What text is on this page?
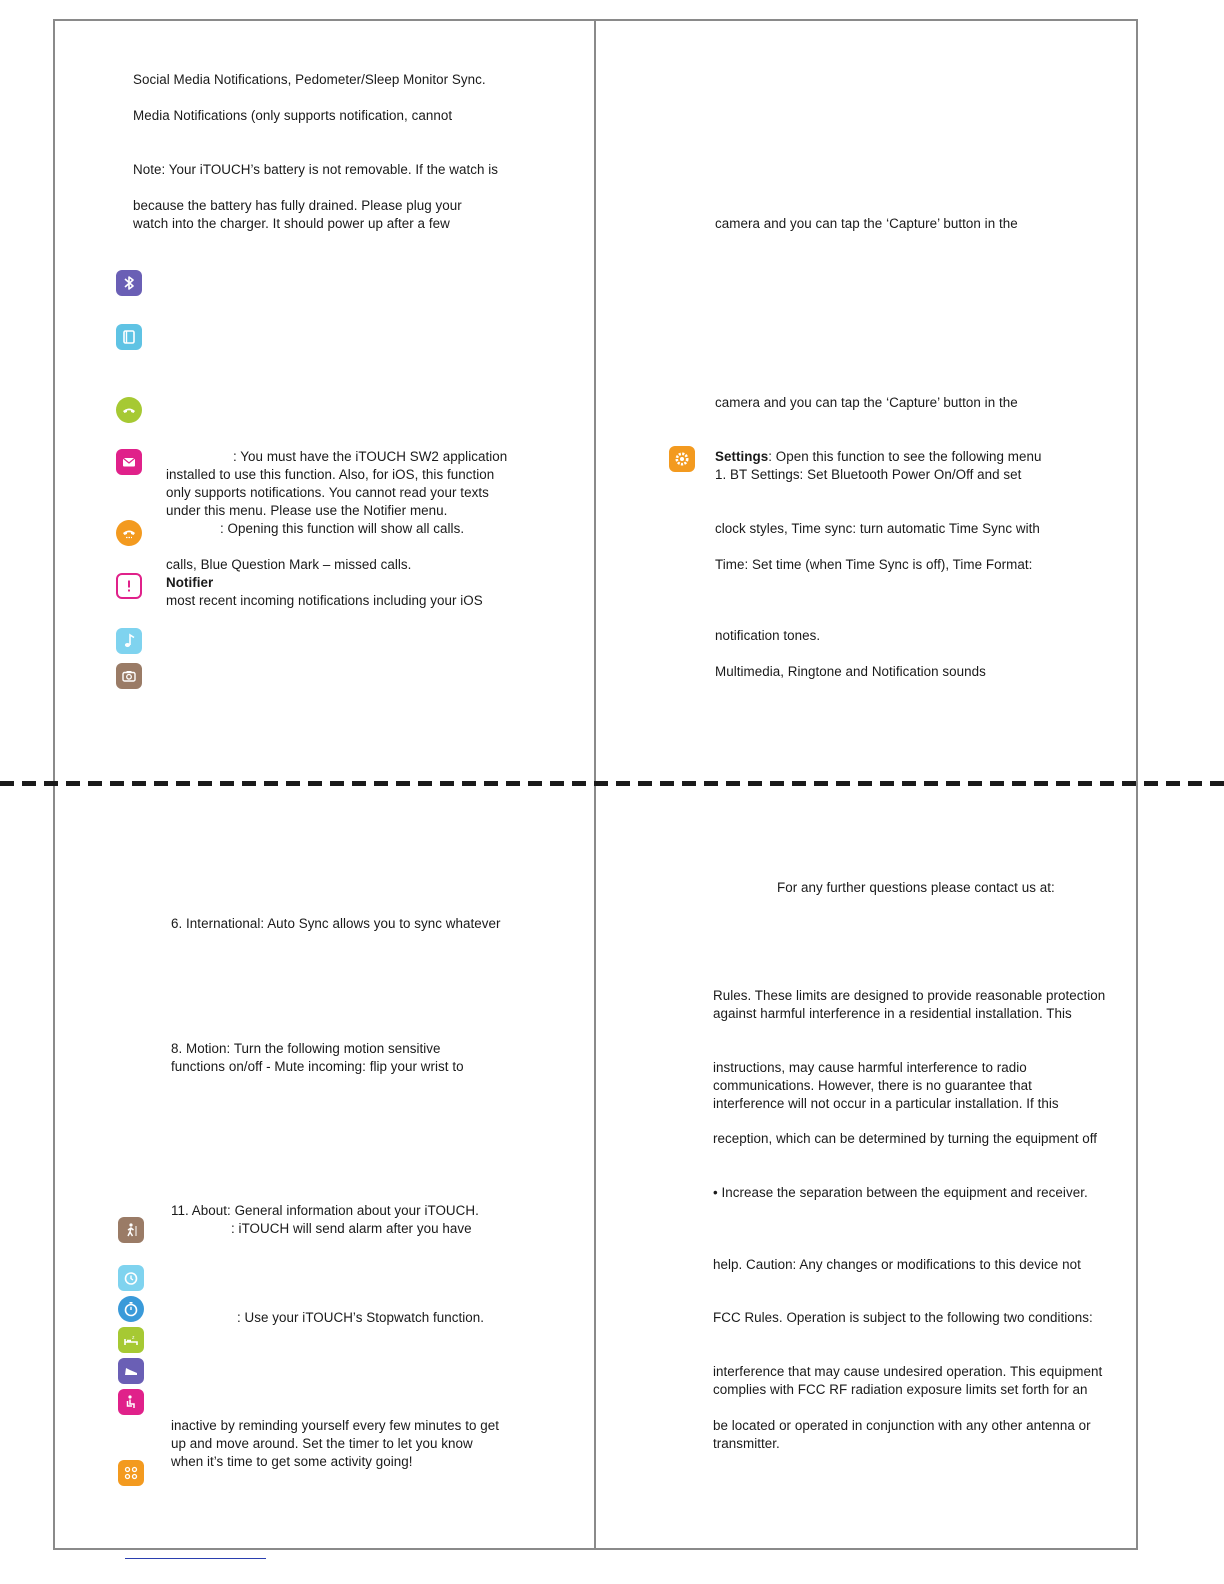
Social Media Notifications, Pedometer/Sleep Monitor Sync.
Media Notifications (only supports notification, cannot
Note: Your iTOUCH’s battery is not removable. If the watch is
because the battery has fully drained. Please plug your
watch into the charger. It should power up after a few
: You must have the iTOUCH SW2 application
installed to use this function. Also, for iOS, this function
only supports notifications. You cannot read your texts
under this menu. Please use the Notifier menu.
: Opening this function will show all calls.
calls, Blue Question Mark – missed calls.
Notifier
most recent incoming notifications including your iOS
camera and you can tap the ‘Capture’ button in the
camera and you can tap the ‘Capture’ button in the
Settings: Open this function to see the following menu
1. BT Settings: Set Bluetooth Power On/Off and set
clock styles, Time sync: turn automatic Time Sync with
Time: Set time (when Time Sync is off), Time Format:
notification tones.
Multimedia, Ringtone and Notification sounds
6. International: Auto Sync allows you to sync whatever
8. Motion: Turn the following motion sensitive
functions on/off - Mute incoming: flip your wrist to
11. About: General information about your iTOUCH.
: iTOUCH will send alarm after you have
: Use your iTOUCH’s Stopwatch function.
z
inactive by reminding yourself every few minutes to get
up and move around. Set the timer to let you know
when it’s time to get some activity going!
For any further questions please contact us at:
Rules. These limits are designed to provide reasonable protection
against harmful interference in a residential installation. This
instructions, may cause harmful interference to radio
communications. However, there is no guarantee that
interference will not occur in a particular installation. If this
reception, which can be determined by turning the equipment off
• Increase the separation between the equipment and receiver.
help. Caution: Any changes or modifications to this device not
FCC Rules. Operation is subject to the following two conditions:
interference that may cause undesired operation. This equipment
complies with FCC RF radiation exposure limits set forth for an
be located or operated in conjunction with any other antenna or
transmitter.
